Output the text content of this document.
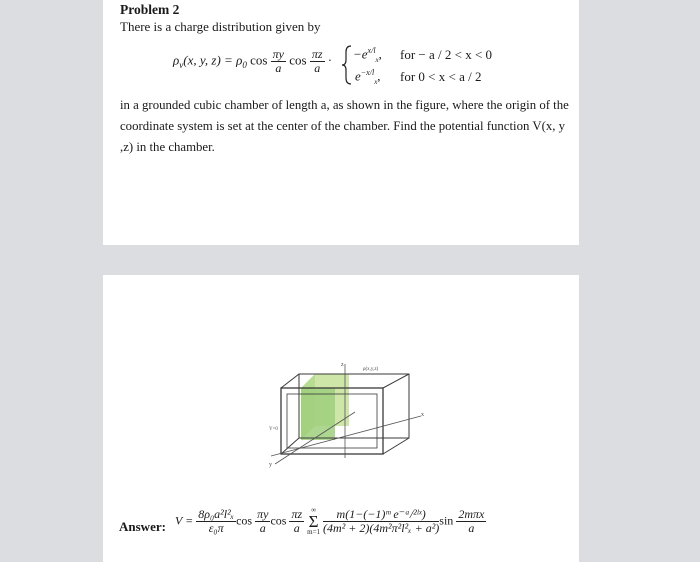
Problem 2
There is a charge distribution given by
$\rho_v(x$, y, $z) = \rho_0$ $\cos \frac{\pi y}{a}$ $\cos \frac{\pi z}{a} \cdot -e^{x/l}_x$, for − a / 2 < x < 0
$e^{-x/l}_x$, for 0 < x < a / 2
in a grounded cubic chamber of length a, as shown in the figure, where the origin of the coordinate system is set at the center of the chamber. Find the potential function V(x, y ,z) in the chamber.
ρ(x,y,z)
z
x
y
Y=0
Answer: $V = \frac{\text{8ρ₀a²l²ₓ}}{\text{ε₀π}}$ $\cos \frac{\pi y}{a}$ $\cos \frac{\pi z}{a}$
∞
Σ
m=1
$\frac{\text{m(1−(−1)ᵐ e⁻ᵃ/²ˡˣ)}}{\text{(4m² + 2)(4m²π²l²ₓ + a²)}}$ $\sin \frac{\text{2mπx}}{a}$
